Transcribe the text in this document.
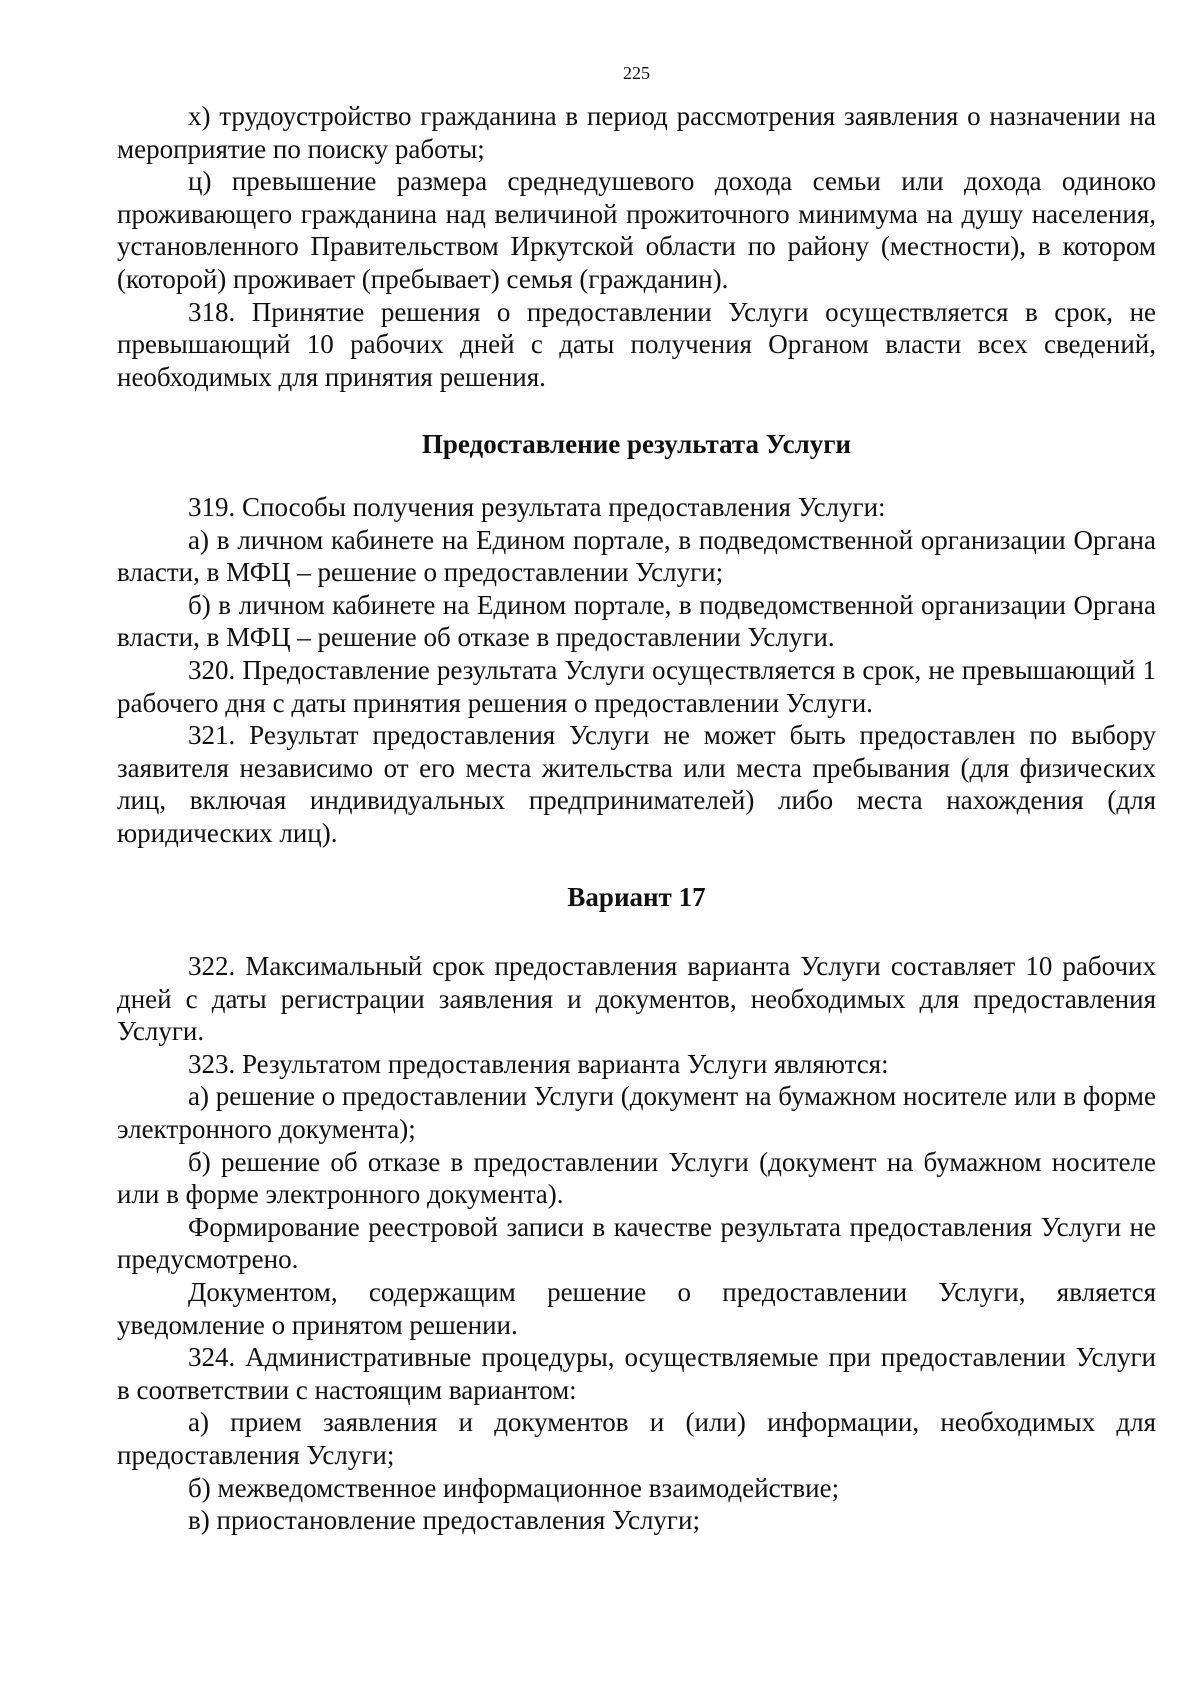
225

х) трудоустройство гражданина в период рассмотрения заявления о назначении на мероприятие по поиску работы;

ц) превышение размера среднедушевого дохода семьи или дохода одиноко проживающего гражданина над величиной прожиточного минимума на душу населения, установленного Правительством Иркутской области по району (местности), в котором (которой) проживает (пребывает) семья (гражданин).

318. Принятие решения о предоставлении Услуги осуществляется в срок, не превышающий 10 рабочих дней с даты получения Органом власти всех сведений, необходимых для принятия решения.

Предоставление результата Услуги

319. Способы получения результата предоставления Услуги:

а) в личном кабинете на Едином портале, в подведомственной организации Органа власти, в МФЦ – решение о предоставлении Услуги;

б) в личном кабинете на Едином портале, в подведомственной организации Органа власти, в МФЦ – решение об отказе в предоставлении Услуги.

320. Предоставление результата Услуги осуществляется в срок, не превышающий 1 рабочего дня с даты принятия решения о предоставлении Услуги.

321. Результат предоставления Услуги не может быть предоставлен по выбору заявителя независимо от его места жительства или места пребывания (для физических лиц, включая индивидуальных предпринимателей) либо места нахождения (для юридических лиц).

Вариант 17

322. Максимальный срок предоставления варианта Услуги составляет 10 рабочих дней с даты регистрации заявления и документов, необходимых для предоставления Услуги.

323. Результатом предоставления варианта Услуги являются:

а) решение о предоставлении Услуги (документ на бумажном носителе или в форме электронного документа);

б) решение об отказе в предоставлении Услуги (документ на бумажном носителе или в форме электронного документа).

Формирование реестровой записи в качестве результата предоставления Услуги не предусмотрено.

Документом, содержащим решение о предоставлении Услуги, является уведомление о принятом решении.

324. Административные процедуры, осуществляемые при предоставлении Услуги в соответствии с настоящим вариантом:

а) прием заявления и документов и (или) информации, необходимых для предоставления Услуги;

б) межведомственное информационное взаимодействие;

в) приостановление предоставления Услуги;
